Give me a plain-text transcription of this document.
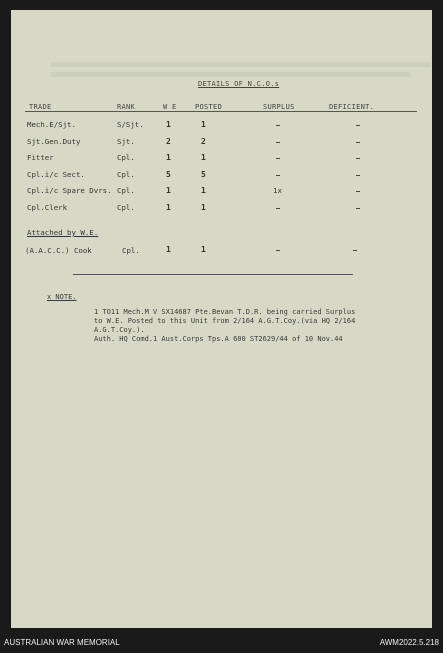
DETAILS OF N.C.O.s
TRADE	RANK	W E	POSTED	SURPLUS	DEFICIENT.
Mech.E/Sjt.	S/Sjt.	1	1
Sjt.Gen.Duty	Sjt.	2	2
Fitter	Cpl.	1	1
Cpl.i/c Sect.	Cpl.	5	5
Cpl.i/c Spare Dvrs. Cpl.	1	1	1x
Cpl.Clerk	Cpl.	1	1
Attached by W.E.
(A.A.C.C.) Cook	Cpl.	1	1
x NOTE.
1 TO11 Mech.M V SX14687 Pte.Bevan T.D.R. being carried Surplus
to W.E. Posted to this Unit from 2/164 A.G.T.Coy.(via HQ 2/164
A.G.T.Coy.).
Auth. HQ Comd.1 Aust.Corps Tps.A 600 ST2629/44 of 10 Nov.44
AUSTRALIAN WAR MEMORIAL	AWM2022.5.218
